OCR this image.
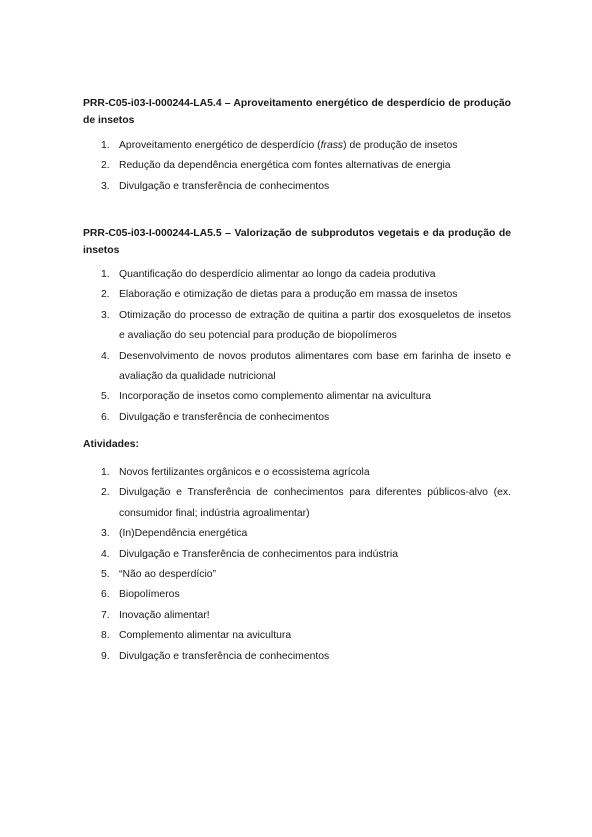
PRR-C05-i03-I-000244-LA5.4 – Aproveitamento energético de desperdício de produção de insetos

1. Aproveitamento energético de desperdício (frass) de produção de insetos
2. Redução da dependência energética com fontes alternativas de energia
3. Divulgação e transferência de conhecimentos

PRR-C05-i03-I-000244-LA5.5 – Valorização de subprodutos vegetais e da produção de insetos

1. Quantificação do desperdício alimentar ao longo da cadeia produtiva
2. Elaboração e otimização de dietas para a produção em massa de insetos
3. Otimização do processo de extração de quitina a partir dos exosqueletos de insetos e avaliação do seu potencial para produção de biopolímeros
4. Desenvolvimento de novos produtos alimentares com base em farinha de inseto e avaliação da qualidade nutricional
5. Incorporação de insetos como complemento alimentar na avicultura
6. Divulgação e transferência de conhecimentos

Atividades:

1. Novos fertilizantes orgânicos e o ecossistema agrícola
2. Divulgação e Transferência de conhecimentos para diferentes públicos-alvo (ex. consumidor final; indústria agroalimentar)
3. (In)Dependência energética
4. Divulgação e Transferência de conhecimentos para indústria
5. “Não ao desperdício”
6. Biopolímeros
7. Inovação alimentar!
8. Complemento alimentar na avicultura
9. Divulgação e transferência de conhecimentos
